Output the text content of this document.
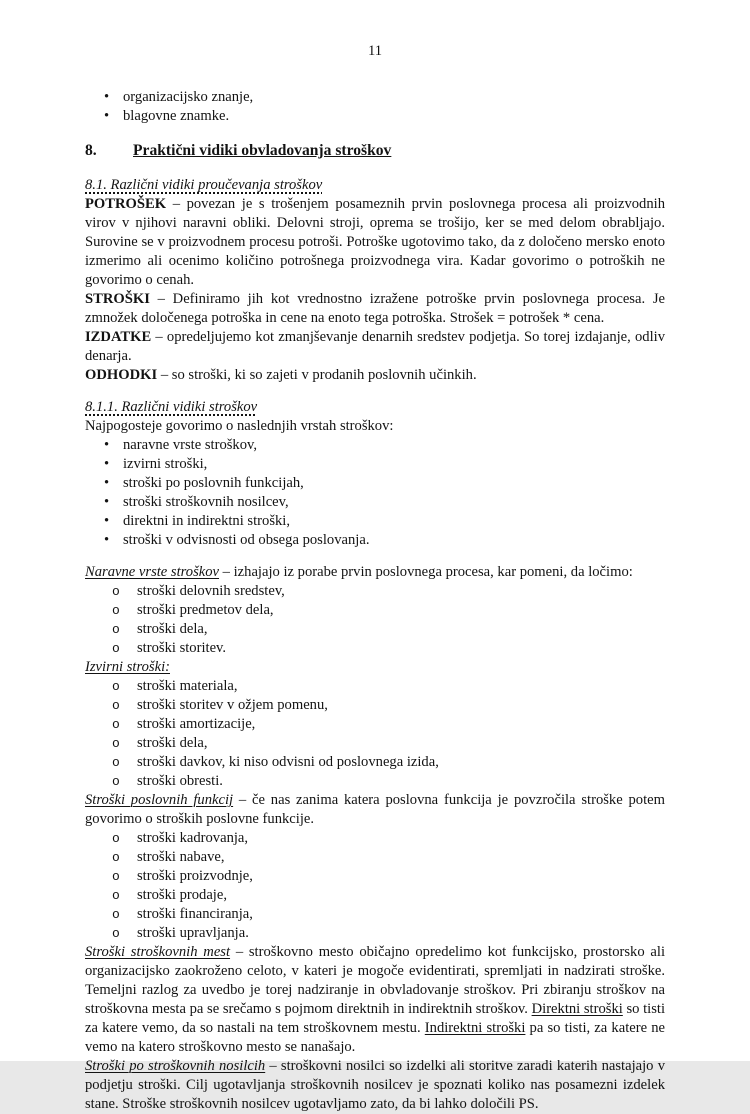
11
• organizacijsko znanje,
• blagovne znamke.
8.	Praktični vidiki obvladovanja stroškov
8.1. Različni vidiki proučevanja stroškov
POTROŠEK – povezan je s trošenjem posameznih prvin poslovnega procesa ali proizvodnih virov v njihovi naravni obliki. Delovni stroji, oprema se trošijo, ker se med delom obrabljajo. Surovine se v proizvodnem procesu potroši. Potroške ugotovimo tako, da z določeno mersko enoto izmerimo ali ocenimo količino potrošnega proizvodnega vira. Kadar govorimo o potroških ne govorimo o cenah.
STROŠKI – Definiramo jih kot vrednostno izražene potroške prvin poslovnega procesa. Je zmnožek določenega potroška in cene na enoto tega potroška. Strošek = potrošek * cena.
IZDATKE – opredeljujemo kot zmanjševanje denarnih sredstev podjetja. So torej izdajanje, odliv denarja.
ODHODKI – so stroški, ki so zajeti v prodanih poslovnih učinkih.
8.1.1. Različni vidiki stroškov
Najpogosteje govorimo o naslednjih vrstah stroškov:
• naravne vrste stroškov,
• izvirni stroški,
• stroški po poslovnih funkcijah,
• stroški stroškovnih nosilcev,
• direktni in indirektni stroški,
• stroški v odvisnosti od obsega poslovanja.
Naravne vrste stroškov – izhajajo iz porabe prvin poslovnega procesa, kar pomeni, da ločimo:
o	stroški delovnih sredstev,
o	stroški predmetov dela,
o	stroški dela,
o	stroški storitev.
Izvirni stroški:
o	stroški materiala,
o	stroški storitev v ožjem pomenu,
o	stroški amortizacije,
o	stroški dela,
o	stroški davkov, ki niso odvisni od poslovnega izida,
o	stroški obresti.
Stroški poslovnih funkcij – če nas zanima katera poslovna funkcija je povzročila stroške potem govorimo o stroških poslovne funkcije.
o	stroški kadrovanja,
o	stroški nabave,
o	stroški proizvodnje,
o	stroški prodaje,
o	stroški financiranja,
o	stroški upravljanja.
Stroški stroškovnih mest – stroškovno mesto običajno opredelimo kot funkcijsko, prostorsko ali organizacijsko zaokroženo celoto, v kateri je mogoče evidentirati, spremljati in nadzirati stroške. Temeljni razlog za uvedbo je torej nadziranje in obvladovanje stroškov. Pri zbiranju stroškov na stroškovna mesta pa se srečamo s pojmom direktnih in indirektnih stroškov. Direktni stroški so tisti za katere vemo, da so nastali na tem stroškovnem mestu. Indirektni stroški pa so tisti, za katere ne vemo na katero stroškovno mesto se nanašajo.
Stroški po stroškovnih nosilcih – stroškovni nosilci so izdelki ali storitve zaradi katerih nastajajo v podjetju stroški. Cilj ugotavljanja stroškovnih nosilcev je spoznati koliko nas posamezni izdelek stane. Stroške stroškovnih nosilcev ugotavljamo zato, da bi lahko določili PS.
